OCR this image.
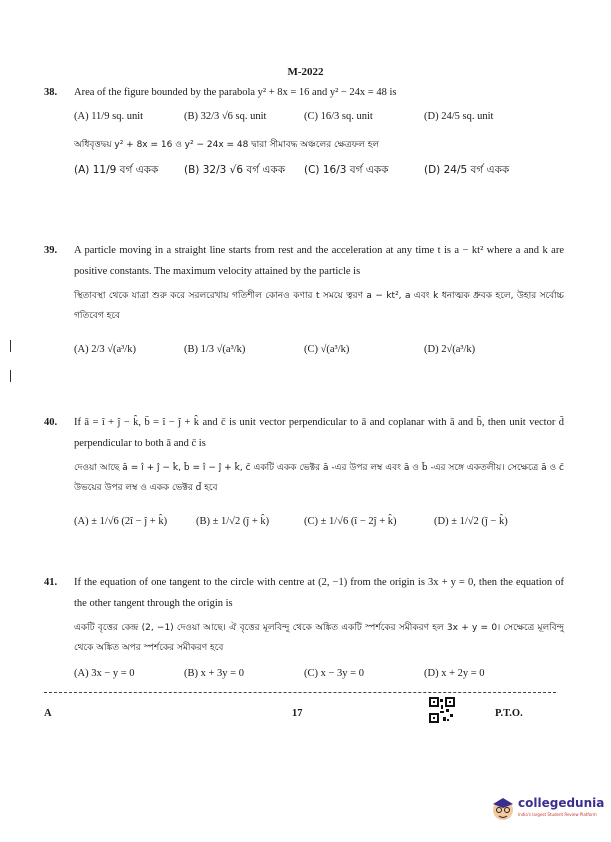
M-2022
38. Area of the figure bounded by the parabola y² + 8x = 16 and y² − 24x = 48 is
(A) 11/9 sq. unit	(B) 32/3 √6 sq. unit	(C) 16/3 sq. unit	(D) 24/5 sq. unit
অধিবৃত্তদ্বয় y² + 8x = 16 ও y² − 24x = 48 দ্বারা সীমাবদ্ধ অঞ্চলের ক্ষেত্রফল হল
(A) 11/9 বর্গ একক (B) 32/3 √6 বর্গ একক (C) 16/3 বর্গ একক	(D) 24/5 বর্গ একক
39. A particle moving in a straight line starts from rest and the acceleration at any time t is a − kt² where a and k are positive constants. The maximum velocity attained by the particle is
স্থিতাবস্থা থেকে যাত্রা শুরু করে সরলরেখায় গতিশীল কোনও কণার t সময়ে ত্বরণ a − kt², a এবং k ধনাত্মক ধ্রুবক হলে, উহার সর্বোচ্চ গতিবেগ হবে
(A) 2/3 √(a³/k)	(B) 1/3 √(a³/k)	(C) √(a³/k)	(D) 2√(a³/k)
40. If ā = î + ĵ − k̂, b̄ = î − ĵ + k̂ and c̄ is unit vector perpendicular to ā and coplanar with ā and b̄, then unit vector d̄ perpendicular to both ā and c̄ is
দেওয়া আছে ā = î + ĵ − k̂, b̄ = î − ĵ + k̂, c̄ একটি একক ভেক্টর ā -এর উপর লম্ব এবং ā ও b̄ -এর সঙ্গে একতলীয়। সেক্ষেত্রে ā ও c̄ উভয়ের উপর লম্ব ও একক ভেক্টর d̄ হবে
(A) ± 1/√6 (2î − ĵ + k̂)	(B) ± 1/√2 (ĵ + k̂)	(C) ± 1/√6 (î − 2ĵ + k̂)	(D) ± 1/√2 (ĵ − k̂)
41. If the equation of one tangent to the circle with centre at (2, −1) from the origin is 3x + y = 0, then the equation of the other tangent through the origin is
একটি বৃত্তের কেন্দ্র (2, −1) দেওয়া আছে। ঐ বৃত্তের মূলবিন্দু থেকে অঙ্কিত একটি স্পর্শকের সমীকরণ হল 3x + y = 0। সেক্ষেত্রে মূলবিন্দু থেকে অঙ্কিত অপর স্পর্শকের সমীকরণ হবে
(A) 3x − y = 0	(B) x + 3y = 0	(C) x − 3y = 0	(D) x + 2y = 0
A	17	P.T.O.
collegedunia
India's largest Student Review Platform
